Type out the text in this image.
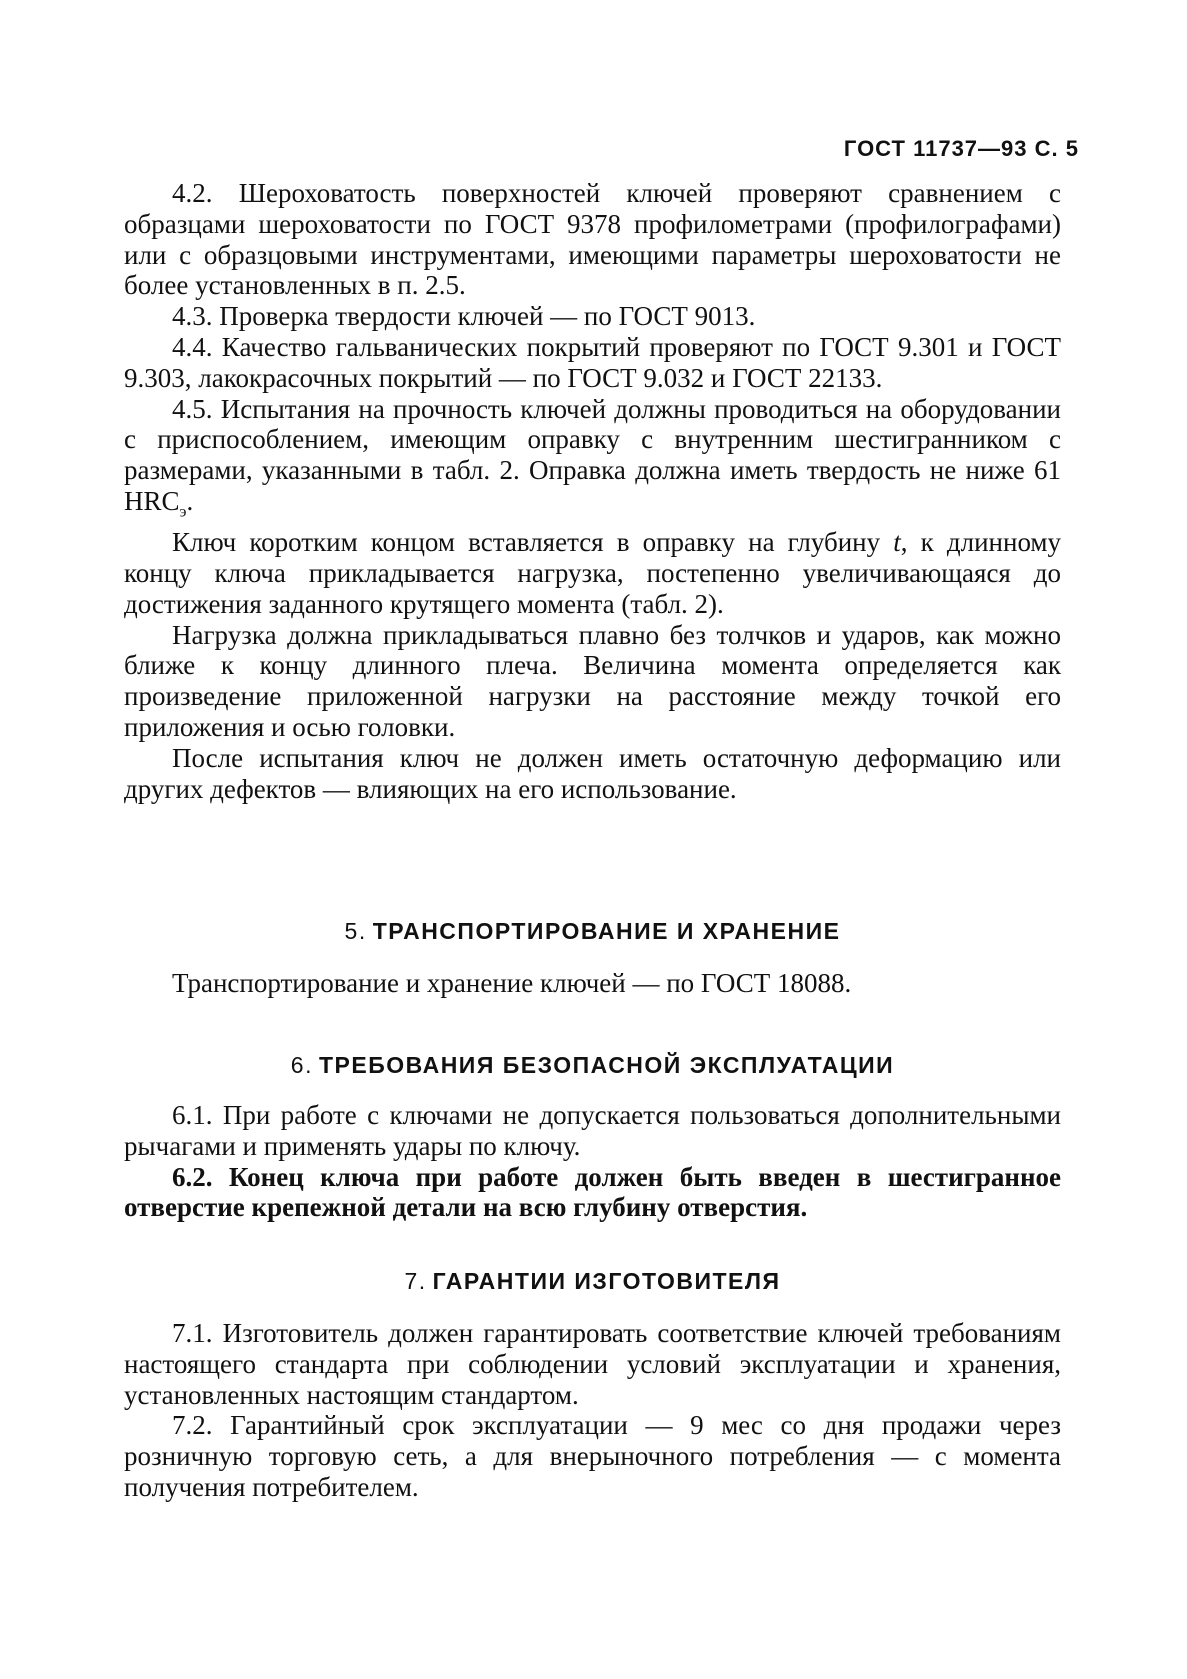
ГОСТ 11737—93 С. 5

4.2. Шероховатость поверхностей ключей проверяют сравнением с образцами шероховатости по ГОСТ 9378 профилометрами (профилографами) или с образцовыми инструментами, имеющими параметры шероховатости не более установленных в п. 2.5.

4.3. Проверка твердости ключей — по ГОСТ 9013.

4.4. Качество гальванических покрытий проверяют по ГОСТ 9.301 и ГОСТ 9.303, лакокрасочных покрытий — по ГОСТ 9.032 и ГОСТ 22133.

4.5. Испытания на прочность ключей должны проводиться на оборудовании с приспособлением, имеющим оправку с внутренним шестигранником с размерами, указанными в табл. 2. Оправка должна иметь твердость не ниже 61 $HRC_э$.

Ключ коротким концом вставляется в оправку на глубину t, к длинному концу ключа прикладывается нагрузка, постепенно увеличивающаяся до достижения заданного крутящего момента (табл. 2).

Нагрузка должна прикладываться плавно без толчков и ударов, как можно ближе к концу длинного плеча. Величина момента определяется как произведение приложенной нагрузки на расстояние между точкой его приложения и осью головки.

После испытания ключ не должен иметь остаточную деформацию или других дефектов — влияющих на его использование.

5. ТРАНСПОРТИРОВАНИЕ И ХРАНЕНИЕ

Транспортирование и хранение ключей — по ГОСТ 18088.

6. ТРЕБОВАНИЯ БЕЗОПАСНОЙ ЭКСПЛУАТАЦИИ

6.1. При работе с ключами не допускается пользоваться дополнительными рычагами и применять удары по ключу.

6.2. Конец ключа при работе должен быть введен в шестигранное отверстие крепежной детали на всю глубину отверстия.

7. ГАРАНТИИ ИЗГОТОВИТЕЛЯ

7.1. Изготовитель должен гарантировать соответствие ключей требованиям настоящего стандарта при соблюдении условий эксплуатации и хранения, установленных настоящим стандартом.

7.2. Гарантийный срок эксплуатации — 9 мес со дня продажи через розничную торговую сеть, а для внерыночного потребления — с момента получения потребителем.
